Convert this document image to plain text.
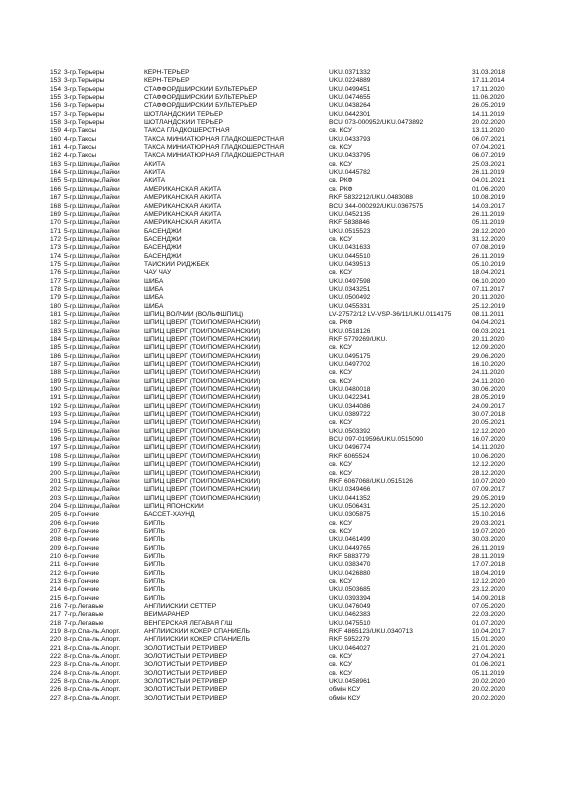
152	3-гр.Терьеры	КЕРН-ТЕРЬЕР	UKU.0371332	31.03.2018
153	3-гр.Терьеры	КЕРН-ТЕРЬЕР	UKU.0224889	17.11.2014
154	3-гр.Терьеры	СТАФФОРДШИРСКИЙ БУЛЬТЕРЬЕР	UKU.0499451	17.11.2020
155	3-гр.Терьеры	СТАФФОРДШИРСКИЙ БУЛЬТЕРЬЕР	UKU.0474655	11.06.2020
156	3-гр.Терьеры	СТАФФОРДШИРСКИЙ БУЛЬТЕРЬЕР	UKU.0438264	26.05.2019
157	3-гр.Терьеры	ШОТЛАНДСКИЙ ТЕРЬЕР	UKU.0442301	14.11.2019
158	3-гр.Терьеры	ШОТЛАНДСКИЙ ТЕРЬЕР	BCU 073-000952/UKU.0473892	20.02.2020
159	4-гр.Таксы	ТАКСА ГЛАДКОШЕРСТНАЯ	св. КСУ	13.11.2020
160	4-гр.Таксы	ТАКСА МИНИАТЮРНАЯ ГЛАДКОШЕРСТНАЯ	UKU.0433793	06.07.2021
161	4-гр.Таксы	ТАКСА МИНИАТЮРНАЯ ГЛАДКОШЕРСТНАЯ	св. КСУ	07.04.2021
162	4-гр.Таксы	ТАКСА МИНИАТЮРНАЯ ГЛАДКОШЕРСТНАЯ	UKU.0433795	06.07.2019
163	5-гр.Шпицы,Лайки	АКИТА	св. КСУ	25.03.2021
164	5-гр.Шпицы,Лайки	АКИТА	UKU.0445782	26.11.2019
165	5-гр.Шпицы,Лайки	АКИТА	св. РКФ	04.01.2021
166	5-гр.Шпицы,Лайки	АМЕРИКАНСКАЯ АКИТА	св. РКФ	01.06.2020
167	5-гр.Шпицы,Лайки	АМЕРИКАНСКАЯ АКИТА	RKF 5832212/UKU.0483088	10.08.2019
168	5-гр.Шпицы,Лайки	АМЕРИКАНСКАЯ АКИТА	BCU 344-000292/UKU.0367575	14.03.2017
169	5-гр.Шпицы,Лайки	АМЕРИКАНСКАЯ АКИТА	UKU.0452135	26.11.2019
170	5-гр.Шпицы,Лайки	АМЕРИКАНСКАЯ АКИТА	RKF 5838846	05.11.2019
171	5-гр.Шпицы,Лайки	БАСЕНДЖИ	UKU.0515523	28.12.2020
172	5-гр.Шпицы,Лайки	БАСЕНДЖИ	св. КСУ	31.12.2020
173	5-гр.Шпицы,Лайки	БАСЕНДЖИ	UKU.0431633	07.08.2019
174	5-гр.Шпицы,Лайки	БАСЕНДЖИ	UKU.0445510	26.11.2019
175	5-гр.Шпицы,Лайки	ТАЙСКИЙ РИДЖБЕК	UKU.0439513	05.10.2019
176	5-гр.Шпицы,Лайки	ЧАУ ЧАУ	св. КСУ	18.04.2021
177	5-гр.Шпицы,Лайки	ШИБА	UKU.0497598	06.10.2020
178	5-гр.Шпицы,Лайки	ШИБА	UKU.0343251	07.11.2017
179	5-гр.Шпицы,Лайки	ШИБА	UKU.0500492	20.11.2020
180	5-гр.Шпицы,Лайки	ШИБА	UKU.0455331	25.12.2019
181	5-гр.Шпицы,Лайки	ШПИЦ ВОЛЧИЙ (ВОЛЬФШПИЦ)	LV-27572/12 LV-VSP-36/11/UKU.0114175	08.11.2011
182	5-гр.Шпицы,Лайки	ШПИЦ ЦВЕРГ (ТОЙ/ПОМЕРАНСКИЙ)	св. РКФ	04.04.2021
183	5-гр.Шпицы,Лайки	ШПИЦ ЦВЕРГ (ТОЙ/ПОМЕРАНСКИЙ)	UKU.0518126	08.03.2021
184	5-гр.Шпицы,Лайки	ШПИЦ ЦВЕРГ (ТОЙ/ПОМЕРАНСКИЙ)	RKF 5779269/UKU.	20.11.2020
185	5-гр.Шпицы,Лайки	ШПИЦ ЦВЕРГ (ТОЙ/ПОМЕРАНСКИЙ)	св. КСУ	12.09.2020
186	5-гр.Шпицы,Лайки	ШПИЦ ЦВЕРГ (ТОЙ/ПОМЕРАНСКИЙ)	UKU.0495175	29.06.2020
187	5-гр.Шпицы,Лайки	ШПИЦ ЦВЕРГ (ТОЙ/ПОМЕРАНСКИЙ)	UKU.0497702	16.10.2020
188	5-гр.Шпицы,Лайки	ШПИЦ ЦВЕРГ (ТОЙ/ПОМЕРАНСКИЙ)	св. КСУ	24.11.2020
189	5-гр.Шпицы,Лайки	ШПИЦ ЦВЕРГ (ТОЙ/ПОМЕРАНСКИЙ)	св. КСУ	24.11.2020
190	5-гр.Шпицы,Лайки	ШПИЦ ЦВЕРГ (ТОЙ/ПОМЕРАНСКИЙ)	UKU.0480018	30.06.2020
191	5-гр.Шпицы,Лайки	ШПИЦ ЦВЕРГ (ТОЙ/ПОМЕРАНСКИЙ)	UKU.0422341	28.05.2019
192	5-гр.Шпицы,Лайки	ШПИЦ ЦВЕРГ (ТОЙ/ПОМЕРАНСКИЙ)	UKU.0344086	24.09.2017
193	5-гр.Шпицы,Лайки	ШПИЦ ЦВЕРГ (ТОЙ/ПОМЕРАНСКИЙ)	UKU.0389722	30.07.2018
194	5-гр.Шпицы,Лайки	ШПИЦ ЦВЕРГ (ТОЙ/ПОМЕРАНСКИЙ)	св. КСУ	20.05.2021
195	5-гр.Шпицы,Лайки	ШПИЦ ЦВЕРГ (ТОЙ/ПОМЕРАНСКИЙ)	UKU.0503392	12.12.2020
196	5-гр.Шпицы,Лайки	ШПИЦ ЦВЕРГ (ТОЙ/ПОМЕРАНСКИЙ)	BCU 097-019596/UKU.0515090	16.07.2020
197	5-гр.Шпицы,Лайки	ШПИЦ ЦВЕРГ (ТОЙ/ПОМЕРАНСКИЙ)	UKU 0496774	14.11.2020
198	5-гр.Шпицы,Лайки	ШПИЦ ЦВЕРГ (ТОЙ/ПОМЕРАНСКИЙ)	RKF 6065524	10.06.2020
199	5-гр.Шпицы,Лайки	ШПИЦ ЦВЕРГ (ТОЙ/ПОМЕРАНСКИЙ)	св. КСУ	12.12.2020
200	5-гр.Шпицы,Лайки	ШПИЦ ЦВЕРГ (ТОЙ/ПОМЕРАНСКИЙ)	св. КСУ	28.12.2020
201	5-гр.Шпицы,Лайки	ШПИЦ ЦВЕРГ (ТОЙ/ПОМЕРАНСКИЙ)	RKF 6067068/UKU.0515126	10.07.2020
202	5-гр.Шпицы,Лайки	ШПИЦ ЦВЕРГ (ТОЙ/ПОМЕРАНСКИЙ)	UKU.0349466	07.09.2017
203	5-гр.Шпицы,Лайки	ШПИЦ ЦВЕРГ (ТОЙ/ПОМЕРАНСКИЙ)	UKU.0441352	29.05.2019
204	5-гр.Шпицы,Лайки	ШПИЦ ЯПОНСКИЙ	UKU.0506431	25.12.2020
205	6-гр.Гончие	БАССЕТ-ХАУНД	UKU.0305875	15.10.2016
206	6-гр.Гончие	БИГЛЬ	св. КСУ	29.03.2021
207	6-гр.Гончие	БИГЛЬ	св. КСУ	19.07.2020
208	6-гр.Гончие	БИГЛЬ	UKU.0461499	30.03.2020
209	6-гр.Гончие	БИГЛЬ	UKU.0449765	26.11.2019
210	6-гр.Гончие	БИГЛЬ	RKF 5883779	28.11.2019
211	6-гр.Гончие	БИГЛЬ	UKU.0383470	17.07.2018
212	6-гр.Гончие	БИГЛЬ	UKU.0426880	18.04.2019
213	6-гр.Гончие	БИГЛЬ	св. КСУ	12.12.2020
214	6-гр.Гончие	БИГЛЬ	UKU.0503685	23.12.2020
215	6-гр.Гончие	БИГЛЬ	UKU.0393394	14.09.2018
216	7-гр.Легавые	АНГЛИЙСКИЙ СЕТТЕР	UKU.0476049	07.05.2020
217	7-гр.Легавые	ВЕЙМАРАНЕР	UKU.0462383	22.03.2020
218	7-гр.Легавые	ВЕНГЕРСКАЯ ЛЕГАВАЯ Г/Ш	UKU.0475510	01.07.2020
219	8-гр.Спа-ль.Апорт.	АНГЛИЙСКИЙ КОКЕР СПАНИЕЛЬ	RKF 4865123/UKU.0340713	10.04.2017
220	8-гр.Спа-ль.Апорт.	АНГЛИЙСКИЙ КОКЕР СПАНИЕЛЬ	RKF 5952279	15.01.2020
221	8-гр.Спа-ль.Апорт.	ЗОЛОТИСТЫЙ РЕТРИВЕР	UKU.0464027	21.01.2020
222	8-гр.Спа-ль.Апорт.	ЗОЛОТИСТЫЙ РЕТРИВЕР	св. КСУ	27.04.2021
223	8-гр.Спа-ль.Апорт.	ЗОЛОТИСТЫЙ РЕТРИВЕР	св. КСУ	01.06.2021
224	8-гр.Спа-ль.Апорт.	ЗОЛОТИСТЫЙ РЕТРИВЕР	св. КСУ	05.11.2019
225	8-гр.Спа-ль.Апорт.	ЗОЛОТИСТЫЙ РЕТРИВЕР	UKU.0458961	20.02.2020
226	8-гр.Спа-ль.Апорт.	ЗОЛОТИСТЫЙ РЕТРИВЕР	обмін КСУ	20.02.2020
227	8-гр.Спа-ль.Апорт.	ЗОЛОТИСТЫЙ РЕТРИВЕР	обмін КСУ	20.02.2020
